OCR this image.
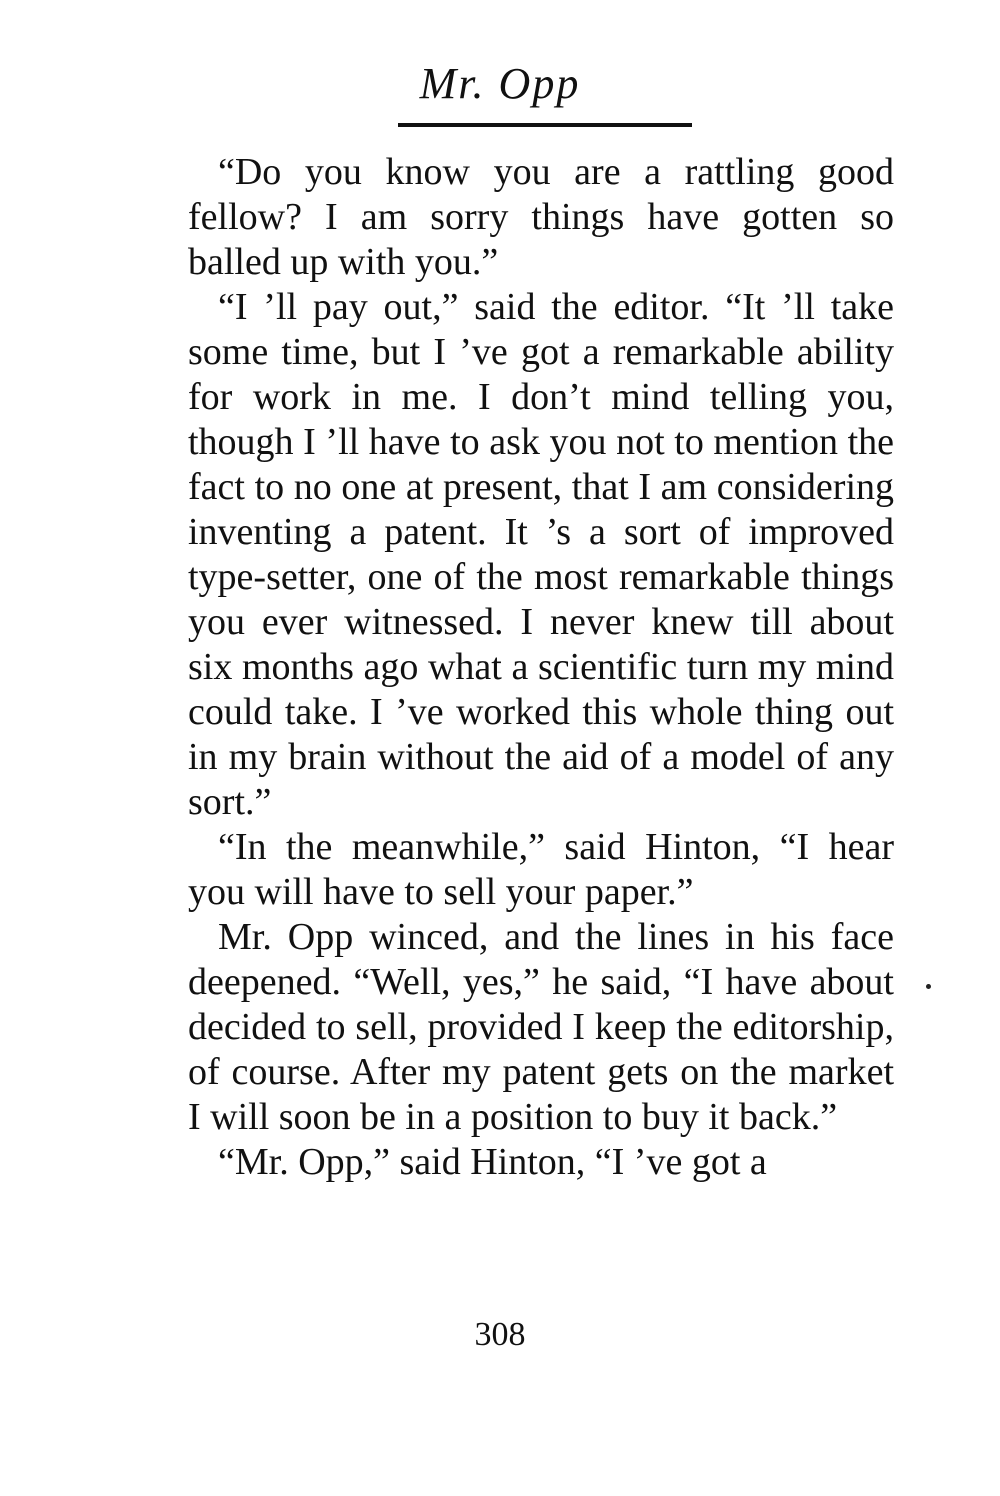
Mr. Opp

“Do you know you are a rattling good fellow? I am sorry things have gotten so balled up with you.”

“I ’ll pay out,” said the editor. “It ’ll take some time, but I ’ve got a remarkable ability for work in me. I don’t mind telling you, though I ’ll have to ask you not to mention the fact to no one at present, that I am considering inventing a patent. It ’s a sort of improved type-setter, one of the most remarkable things you ever witnessed. I never knew till about six months ago what a scientific turn my mind could take. I ’ve worked this whole thing out in my brain without the aid of a model of any sort.”

“In the meanwhile,” said Hinton, “I hear you will have to sell your paper.”

Mr. Opp winced, and the lines in his face deepened. “Well, yes,” he said, “I have about decided to sell, provided I keep the editorship, of course. After my patent gets on the market I will soon be in a position to buy it back.”

“Mr. Opp,” said Hinton, “I ’ve got a

308
